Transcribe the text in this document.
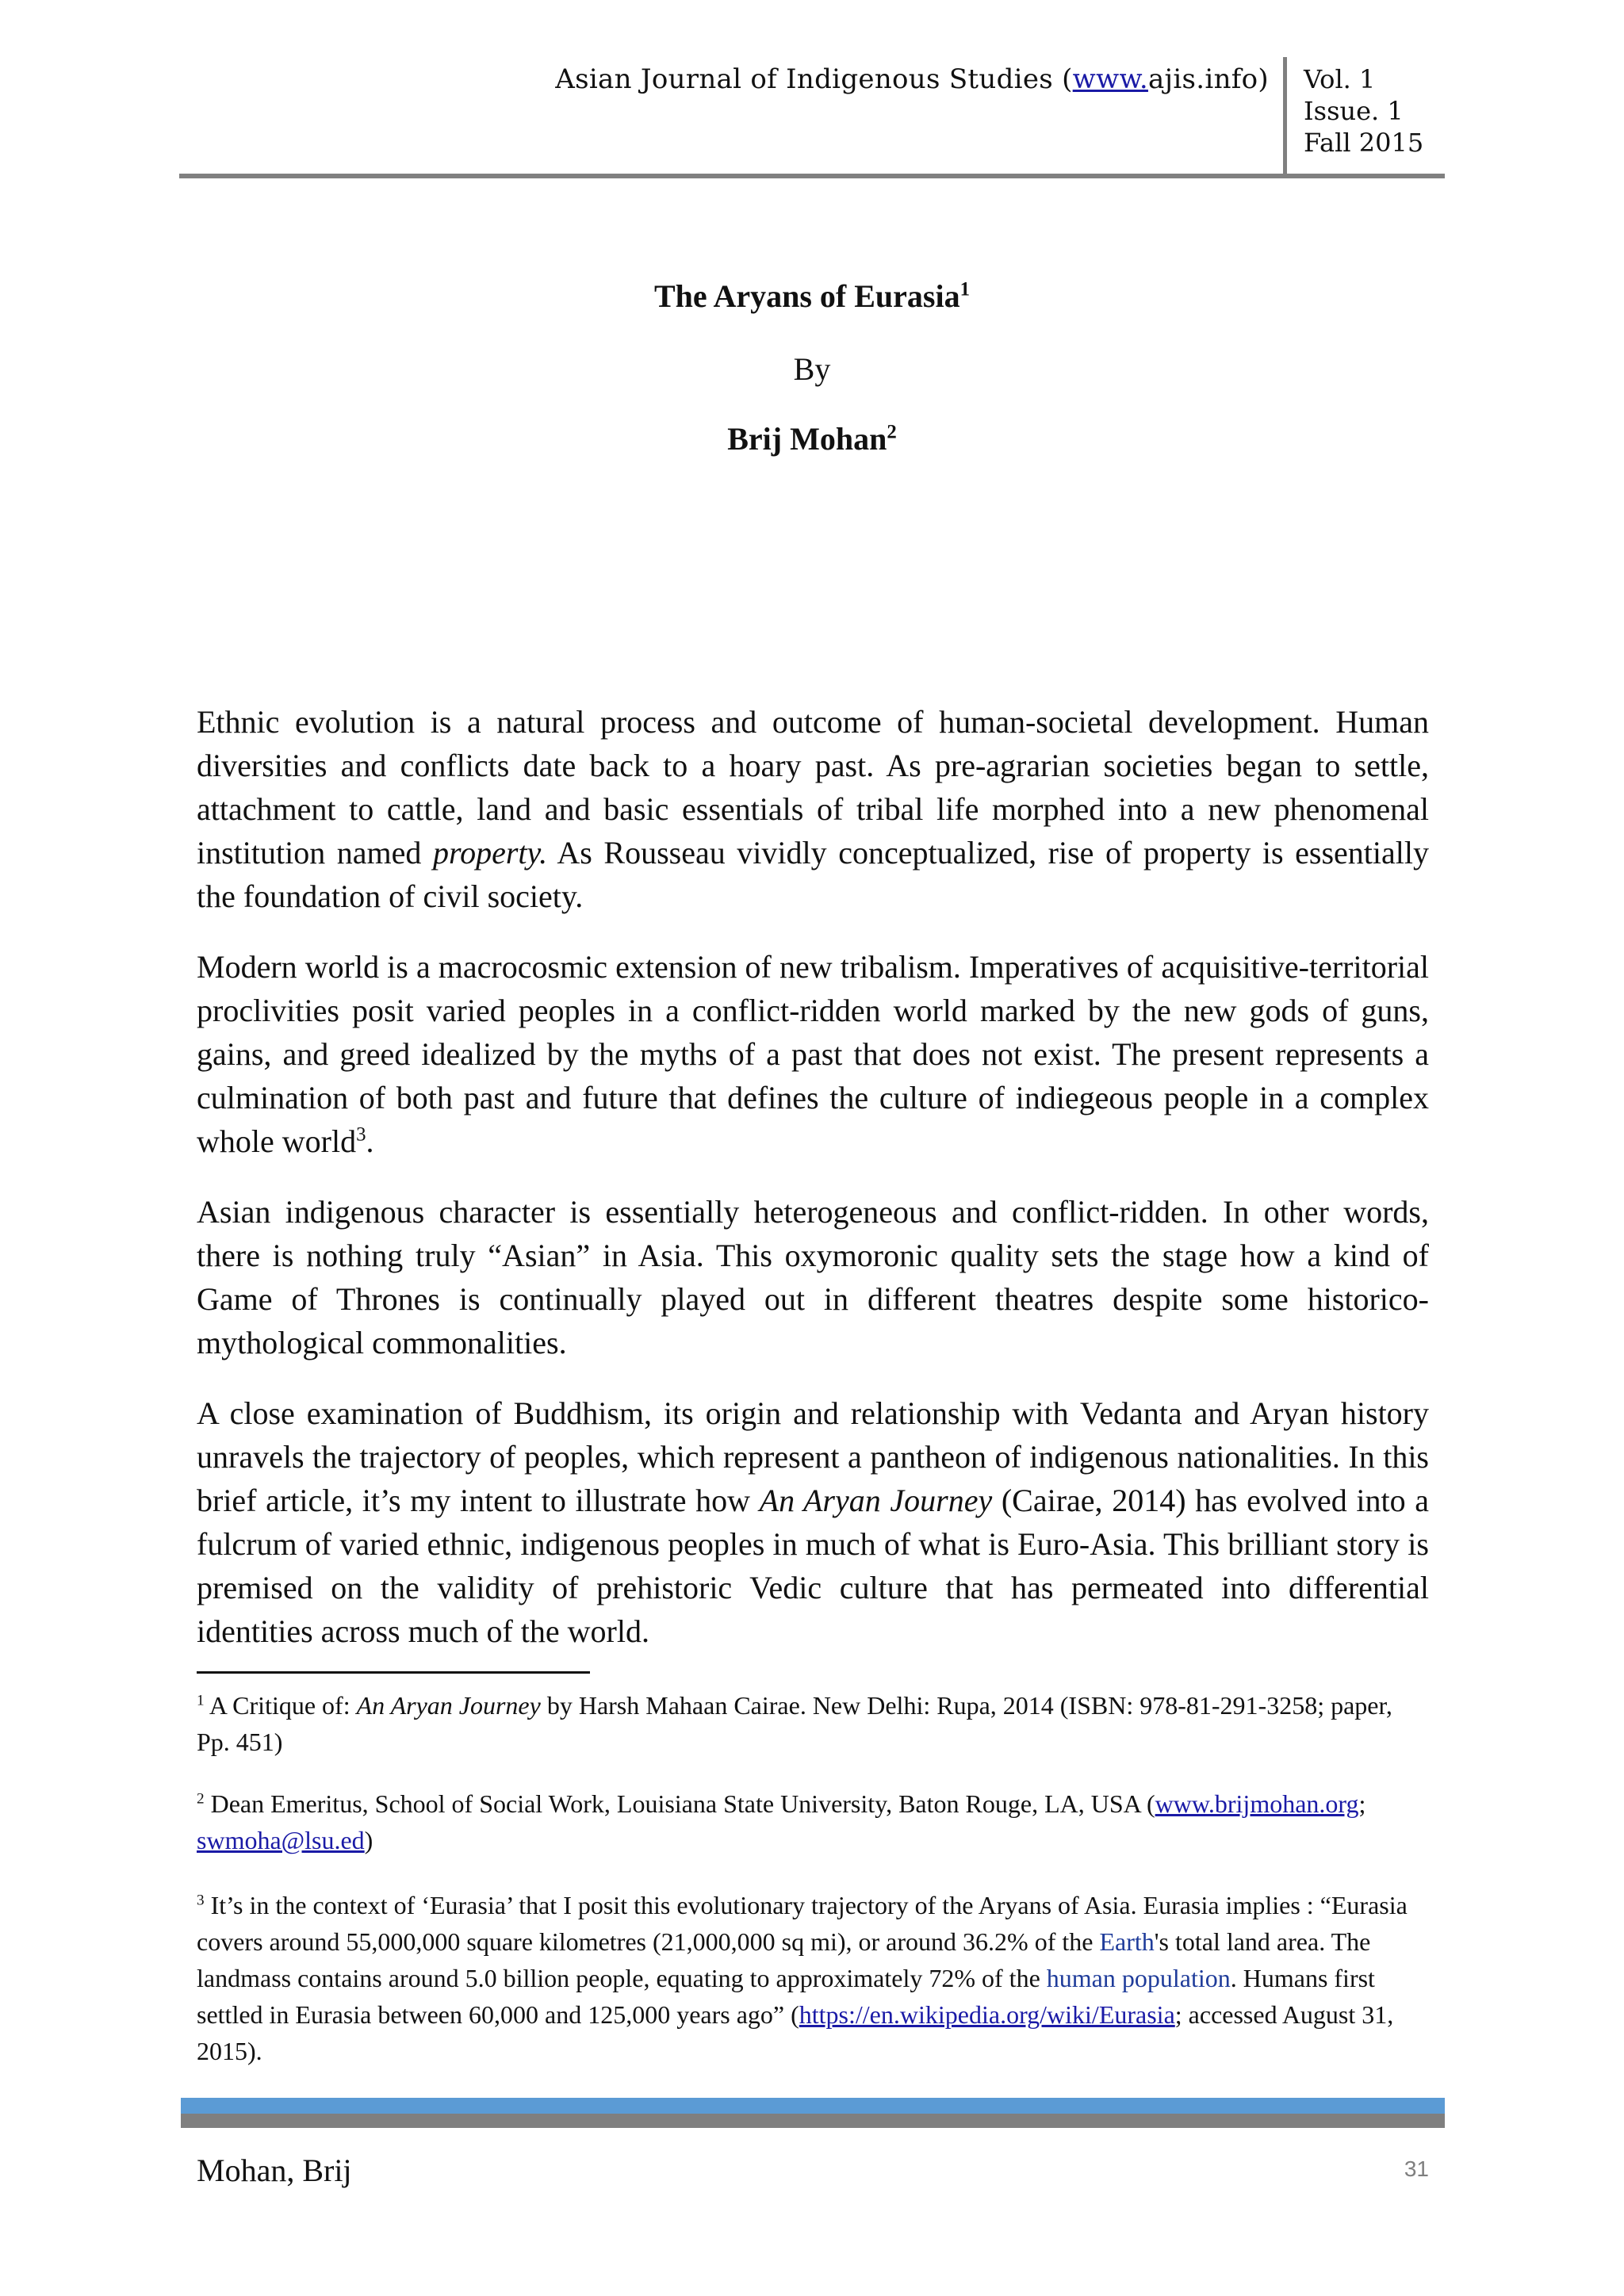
Asian Journal of Indigenous Studies (www.ajis.info) Vol. 1
Issue. 1
Fall 2015
The Aryans of Eurasia$^1$
By
Brij Mohan$^2$

Ethnic evolution is a natural process and outcome of human-societal development. Human diversities and conflicts date back to a hoary past. As pre-agrarian societies began to settle, attachment to cattle, land and basic essentials of tribal life morphed into a new phenomenal institution named property. As Rousseau vividly conceptualized, rise of property is essentially the foundation of civil society.

Modern world is a macrocosmic extension of new tribalism. Imperatives of acquisitive-territorial proclivities posit varied peoples in a conflict-ridden world marked by the new gods of guns, gains, and greed idealized by the myths of a past that does not exist. The present represents a culmination of both past and future that defines the culture of indiegeous people in a complex whole world$^3$.

Asian indigenous character is essentially heterogeneous and conflict-ridden. In other words, there is nothing truly “Asian” in Asia. This oxymoronic quality sets the stage how a kind of Game of Thrones is continually played out in different theatres despite some historico-mythological commonalities.

A close examination of Buddhism, its origin and relationship with Vedanta and Aryan history unravels the trajectory of peoples, which represent a pantheon of indigenous nationalities. In this brief article, it’s my intent to illustrate how An Aryan Journey (Cairae, 2014) has evolved into a fulcrum of varied ethnic, indigenous peoples in much of what is Euro-Asia. This brilliant story is premised on the validity of prehistoric Vedic culture that has permeated into differential identities across much of the world.

$^1$ A Critique of: An Aryan Journey by Harsh Mahaan Cairae. New Delhi: Rupa, 2014 (ISBN: 978-81-291-3258; paper, Pp. 451)
$^2$ Dean Emeritus, School of Social Work, Louisiana State University, Baton Rouge, LA, USA (www.brijmohan.org; swmoha@lsu.ed)
$^3$ It’s in the context of ‘Eurasia’ that I posit this evolutionary trajectory of the Aryans of Asia. Eurasia implies : “Eurasia covers around 55,000,000 square kilometres (21,000,000 sq mi), or around 36.2% of the Earth's total land area. The landmass contains around 5.0 billion people, equating to approximately 72% of the human population. Humans first settled in Eurasia between 60,000 and 125,000 years ago” (https://en.wikipedia.org/wiki/Eurasia; accessed August 31, 2015).
Mohan, Brij	31
